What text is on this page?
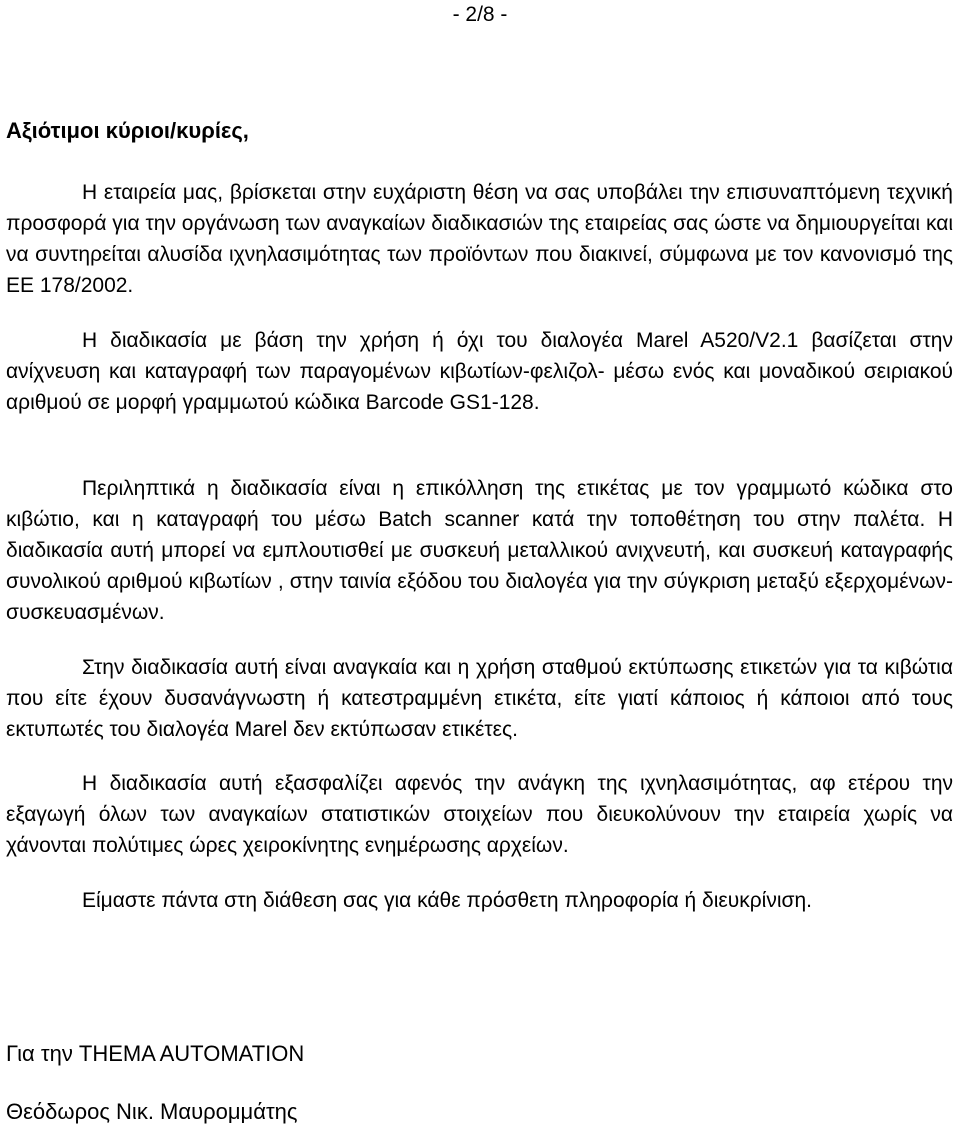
- 2/8 -
Αξιότιμοι κύριοι/κυρίες,

Η εταιρεία μας, βρίσκεται στην ευχάριστη θέση να σας υποβάλει την επισυναπτόμενη τεχνική προσφορά για την οργάνωση των αναγκαίων διαδικασιών της εταιρείας σας ώστε να δημιουργείται και να συντηρείται αλυσίδα ιχνηλασιμότητας των προϊόντων που διακινεί, σύμφωνα με τον κανονισμό της ΕΕ 178/2002.

Η διαδικασία με βάση την χρήση ή όχι του διαλογέα Marel A520/V2.1 βασίζεται στην ανίχνευση και καταγραφή των παραγομένων κιβωτίων-φελιζολ- μέσω ενός και μοναδικού σειριακού αριθμού σε μορφή γραμμωτού κώδικα Barcode GS1-128.

Περιληπτικά η διαδικασία είναι η επικόλληση της ετικέτας με τον γραμμωτό κώδικα στο κιβώτιο, και η καταγραφή του μέσω Batch scanner κατά την τοποθέτηση του στην παλέτα. Η διαδικασία αυτή μπορεί να εμπλουτισθεί με συσκευή μεταλλικού ανιχνευτή, και συσκευή καταγραφής συνολικού αριθμού κιβωτίων , στην ταινία εξόδου του διαλογέα για την σύγκριση μεταξύ εξερχομένων-συσκευασμένων.

Στην διαδικασία αυτή είναι αναγκαία και η χρήση σταθμού εκτύπωσης ετικετών για τα κιβώτια που είτε έχουν δυσανάγνωστη ή κατεστραμμένη ετικέτα, είτε γιατί κάποιος ή κάποιοι από τους εκτυπωτές του διαλογέα Marel δεν εκτύπωσαν ετικέτες.

Η διαδικασία αυτή εξασφαλίζει αφενός την ανάγκη της ιχνηλασιμότητας, αφ ετέρου την εξαγωγή όλων των αναγκαίων στατιστικών στοιχείων που διευκολύνουν την εταιρεία χωρίς να χάνονται πολύτιμες ώρες χειροκίνητης ενημέρωσης αρχείων.

Είμαστε πάντα στη διάθεση σας για κάθε πρόσθετη πληροφορία ή διευκρίνιση.

Για την THEMA AUTOMATION
Θεόδωρος Νικ. Μαυρομμάτης
